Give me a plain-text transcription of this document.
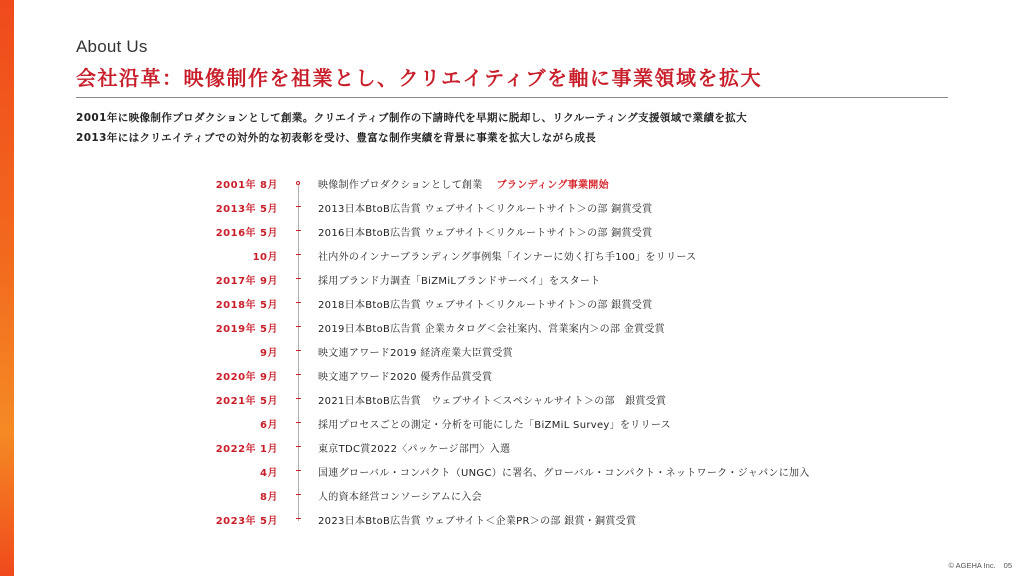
About Us
会社沿革：映像制作を祖業とし、クリエイティブを軸に事業領域を拡大
2001年に映像制作プロダクションとして創業。クリエイティブ制作の下請時代を早期に脱却し、リクルーティング支援領域で業績を拡大
2013年にはクリエイティブでの対外的な初表彰を受け、豊富な制作実績を背景に事業を拡大しながら成長
2001年 8月	映像制作プロダクションとして創業 ブランディング事業開始
2013年 5月	2013日本BtoB広告賞 ウェブサイト＜リクルートサイト＞の部 銅賞受賞
2016年 5月	2016日本BtoB広告賞 ウェブサイト＜リクルートサイト＞の部 銅賞受賞
10月	社内外のインナーブランディング事例集「インナーに効く打ち手100」をリリース
2017年 9月	採用ブランド力調査「BiZMiLブランドサーベイ」をスタート
2018年 5月	2018日本BtoB広告賞 ウェブサイト＜リクルートサイト＞の部 銀賞受賞
2019年 5月	2019日本BtoB広告賞 企業カタログ＜会社案内、営業案内＞の部 金賞受賞
9月	映文連アワード2019 経済産業大臣賞受賞
2020年 9月	映文連アワード2020 優秀作品賞受賞
2021年 5月	2021日本BtoB広告賞　ウェブサイト＜スペシャルサイト＞の部　銀賞受賞
6月	採用プロセスごとの測定・分析を可能にした「BiZMiL Survey」をリリース
2022年 1月	東京TDC賞2022〈パッケージ部門〉入選
4月	国連グローバル・コンパクト（UNGC）に署名、グローバル・コンパクト・ネットワーク・ジャパンに加入
8月	人的資本経営コンソーシアムに入会
2023年 5月	2023日本BtoB広告賞 ウェブサイト＜企業PR＞の部 銀賞・銅賞受賞
© AGEHA Inc. 05
